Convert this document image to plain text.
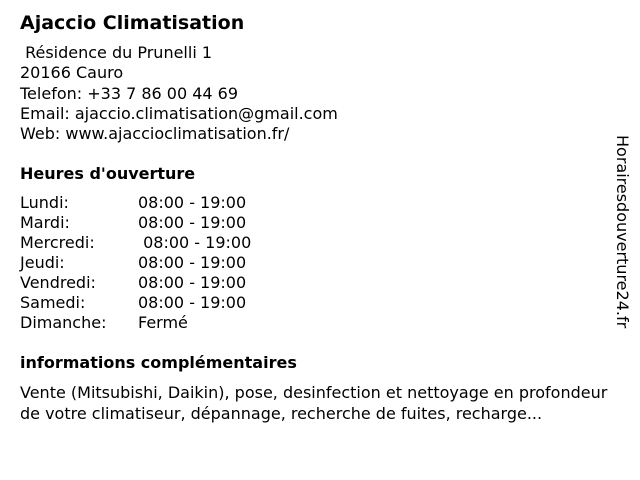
Ajaccio Climatisation
Résidence du Prunelli 1
20166 Cauro
Telefon: +33 7 86 00 44 69
Email: ajaccio.climatisation@gmail.com
Web: www.ajaccioclimatisation.fr/
Heures d'ouverture
Lundi:	08:00 - 19:00
Mardi:	08:00 - 19:00
Mercredi:	08:00 - 19:00
Jeudi:	08:00 - 19:00
Vendredi:	08:00 - 19:00
Samedi:	08:00 - 19:00
Dimanche:	Fermé
informations complémentaires
Vente (Mitsubishi, Daikin), pose, desinfection et nettoyage en profondeur de votre climatiseur, dépannage, recherche de fuites, recharge...
Horairesdouverture24.fr
